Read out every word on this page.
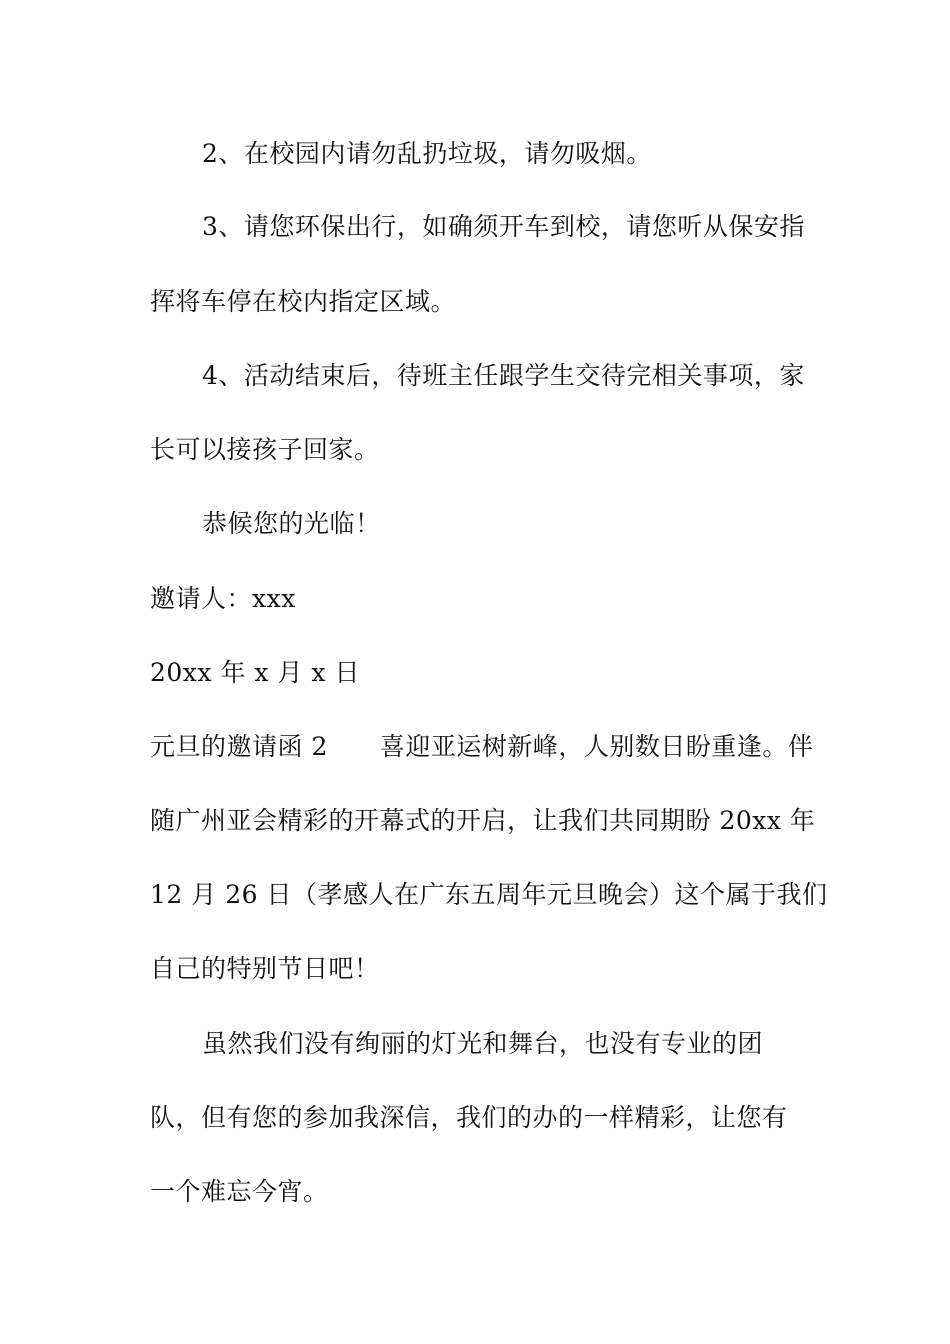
2、在校园内请勿乱扔垃圾，请勿吸烟。
3、请您环保出行，如确须开车到校，请您听从保安指
挥将车停在校内指定区域。
4、活动结束后，待班主任跟学生交待完相关事项，家
长可以接孩子回家。
恭候您的光临！
邀请人：xxx
20xx 年 x 月 x 日
元旦的邀请函 2 喜迎亚运树新峰，人别数日盼重逢。伴
随广州亚会精彩的开幕式的开启，让我们共同期盼 20xx 年
12 月 26 日（孝感人在广东五周年元旦晚会）这个属于我们
自己的特别节日吧！
虽然我们没有绚丽的灯光和舞台，也没有专业的团
队，但有您的参加我深信，我们的办的一样精彩，让您有
一个难忘今宵。
